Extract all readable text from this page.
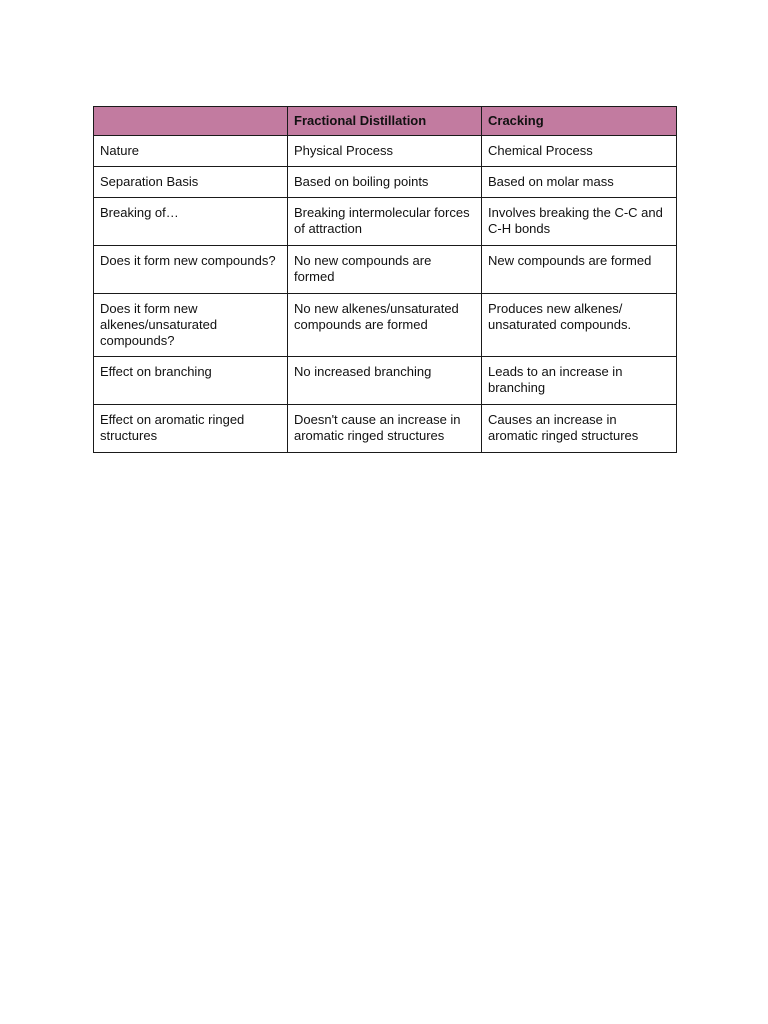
	Fractional Distillation	Cracking
Nature	Physical Process	Chemical Process
Separation Basis	Based on boiling points	Based on molar mass
Breaking of…	Breaking intermolecular forces of attraction	Involves breaking the C-C and C-H bonds
Does it form new compounds?	No new compounds are formed	New compounds are formed
Does it form new alkenes/unsaturated compounds?	No new alkenes/unsaturated compounds are formed	Produces new alkenes/ unsaturated compounds.
Effect on branching	No increased branching	Leads to an increase in branching
Effect on aromatic ringed structures	Doesn't cause an increase in aromatic ringed structures	Causes an increase in aromatic ringed structures
